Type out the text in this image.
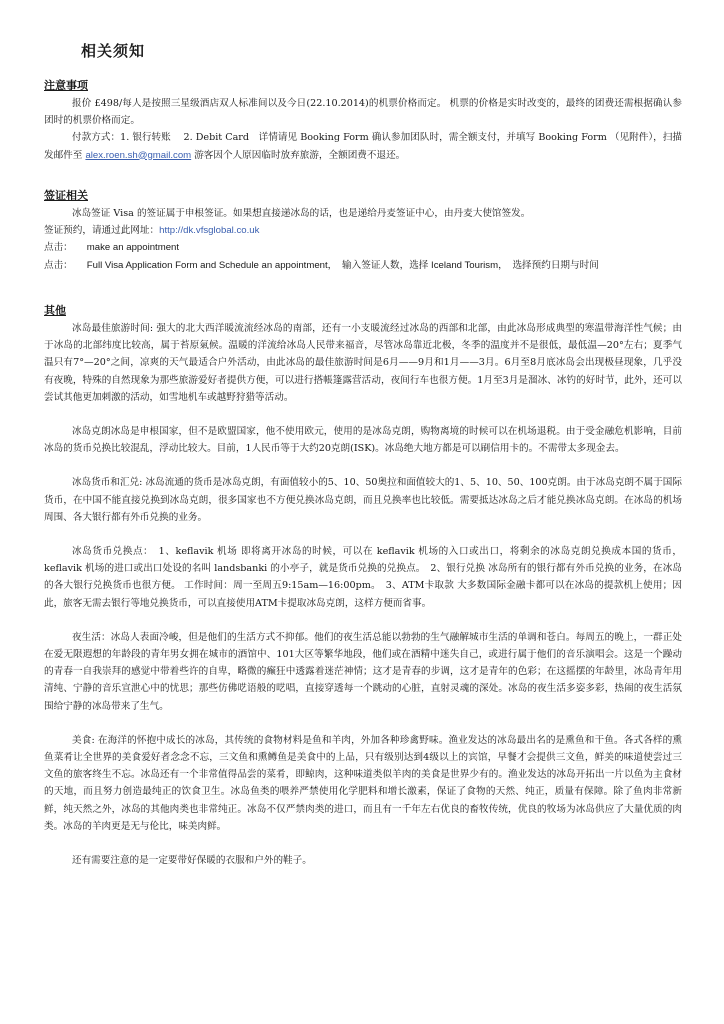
相关须知
注意事项

报价 £498/每人是按照三星级酒店双人标准间以及今日(22.10.2014)的机票价格而定。 机票的价格是实时改变的，最终的团费还需根据确认参团时的机票价格而定。

付款方式：1. 银行转账　 2. Debit Card　详情请见 Booking Form 确认参加团队时，需全额支付，并填写 Booking Form （见附件），扫描发邮件至 alex.roen.sh@gmail.com 游客因个人原因临时放弃旅游，全额团费不退还。

签证相关
冰岛签证 Visa 的签证属于申根签证。如果想直接递冰岛的话，也是递给丹麦签证中心，由丹麦大使馆签发。
签证预约，请通过此网址：http://dk.vfsglobal.co.uk
点击： make an appointment
点击： Full Visa Application Form and Schedule an appointment，　输入签证人数，选择 Iceland Tourism，　选择预约日期与时间
其他

冰岛最佳旅游时间: 强大的北大西洋暖流流经冰岛的南部，还有一小支暖流经过冰岛的西部和北部，由此冰岛形成典型的寒温带海洋性气候；由于冰岛的北部纬度比较高，属于苔原氣候。温暖的洋流给冰岛人民带来福音，尽管冰岛靠近北极，冬季的温度并不是很低，最低温—20°左右；夏季气温只有7°—20°之间，凉爽的天气最适合户外活动，由此冰岛的最佳旅游时间是6月——9月和1月——3月。6月至8月底冰岛会出现极昼现象，几乎没有夜晚，特殊的自然现象为那些旅游爱好者提供方便，可以进行搭帳篷露营活动，夜间行车也很方便。1月至3月是溜冰、冰钓的好时节，此外，还可以尝试其他更加刺激的活动，如雪地机车或越野狩猎等活动。

冰岛克朗冰岛是申根国家，但不是欧盟国家，他不使用欧元，使用的是冰岛克朗，购物离境的时候可以在机场退税。由于受金融危机影响，目前冰岛的货币兑换比较混乱，浮动比较大。目前，1人民币等于大约20克朗(ISK)。冰岛绝大地方都是可以刷信用卡的。不需带太多现金去。

冰岛货币和汇兑: 冰岛流通的货币是冰岛克朗，有面值较小的5、10、50奥拉和面值较大的1、5、10、50、100克朗。由于冰岛克朗不属于国际货币，在中国不能直接兑换到冰岛克朗，很多国家也不方便兑换冰岛克朗，而且兑换率也比较低。需要抵达冰岛之后才能兑换冰岛克朗。在冰岛的机场周围、各大银行都有外币兑换的业务。

冰岛货币兑换点：　1、keflavik 机场 即将离开冰岛的时候，可以在 keflavik 机场的入口或出口，将剩余的冰岛克朗兑换成本国的货币，keflavik 机场的进口或出口处设的名叫 landsbanki 的小亭子，就是货币兑换的兑换点。　2、银行兑换 冰岛所有的银行都有外币兑换的业务，在冰岛的各大银行兑换货币也很方便。 工作时间：周一至周五9:15am—16:00pm。　3、ATM卡取款 大多数国际金融卡都可以在冰岛的提款机上使用；因此，旅客无需去银行等地兑换货币，可以直接使用ATM卡提取冰岛克朗，这样方便而省事。

夜生活：冰岛人表面冷峻，但是他们的生活方式不抑郁。他们的夜生活总能以勃勃的生气融解城市生活的单调和苍白。每周五的晚上，一群正处在爱无限遐想的年龄段的青年男女拥在城市的酒馆中、101大区等繁华地段，他们或在酒精中迷失自己，或进行属于他们的音乐演唱会。这是一个躁动的青春一自我崇拜的感觉中带着些许的自卑，略微的癫狂中透露着迷茫神情；这才是青春的步调，这才是青年的色彩；在这摇摆的年龄里，冰岛青年用清纯、宁静的音乐宣泄心中的忧思；那些仿佛呓语般的呓唱，直接穿透每一个跳动的心脏，直射灵魂的深处。冰岛的夜生活多姿多彩，热闹的夜生活氛围给宁静的冰岛带来了生气。

美食: 在海洋的怀抱中成长的冰岛，其传统的食物材料是鱼和羊肉，外加各种珍禽野味。渔业发达的冰岛最出名的是熏鱼和干鱼。各式各样的熏鱼菜肴让全世界的美食爱好者念念不忘，三文鱼和熏鳟鱼是美食中的上品，只有级别达到4级以上的宾馆，早餐才会提供三文鱼，鲜美的味道使尝过三文鱼的旅客终生不忘。冰岛还有一个非常值得品尝的菜肴，即鲸肉，这种味道类似羊肉的美食是世界少有的。渔业发达的冰岛开拓出一片以鱼为主食材的天地，而且努力创造最纯正的饮食卫生。冰岛鱼类的喂养严禁使用化学肥料和增长激素，保证了食物的天然、纯正，质量有保障。除了鱼肉非常新鲜，纯天然之外，冰岛的其他肉类也非常纯正。冰岛不仅严禁肉类的进口，而且有一千年左右优良的畜牧传统，优良的牧场为冰岛供应了大量优质的肉类。冰岛的羊肉更是无与伦比，味美肉鲜。

还有需要注意的是一定要带好保暖的衣服和户外的鞋子。
